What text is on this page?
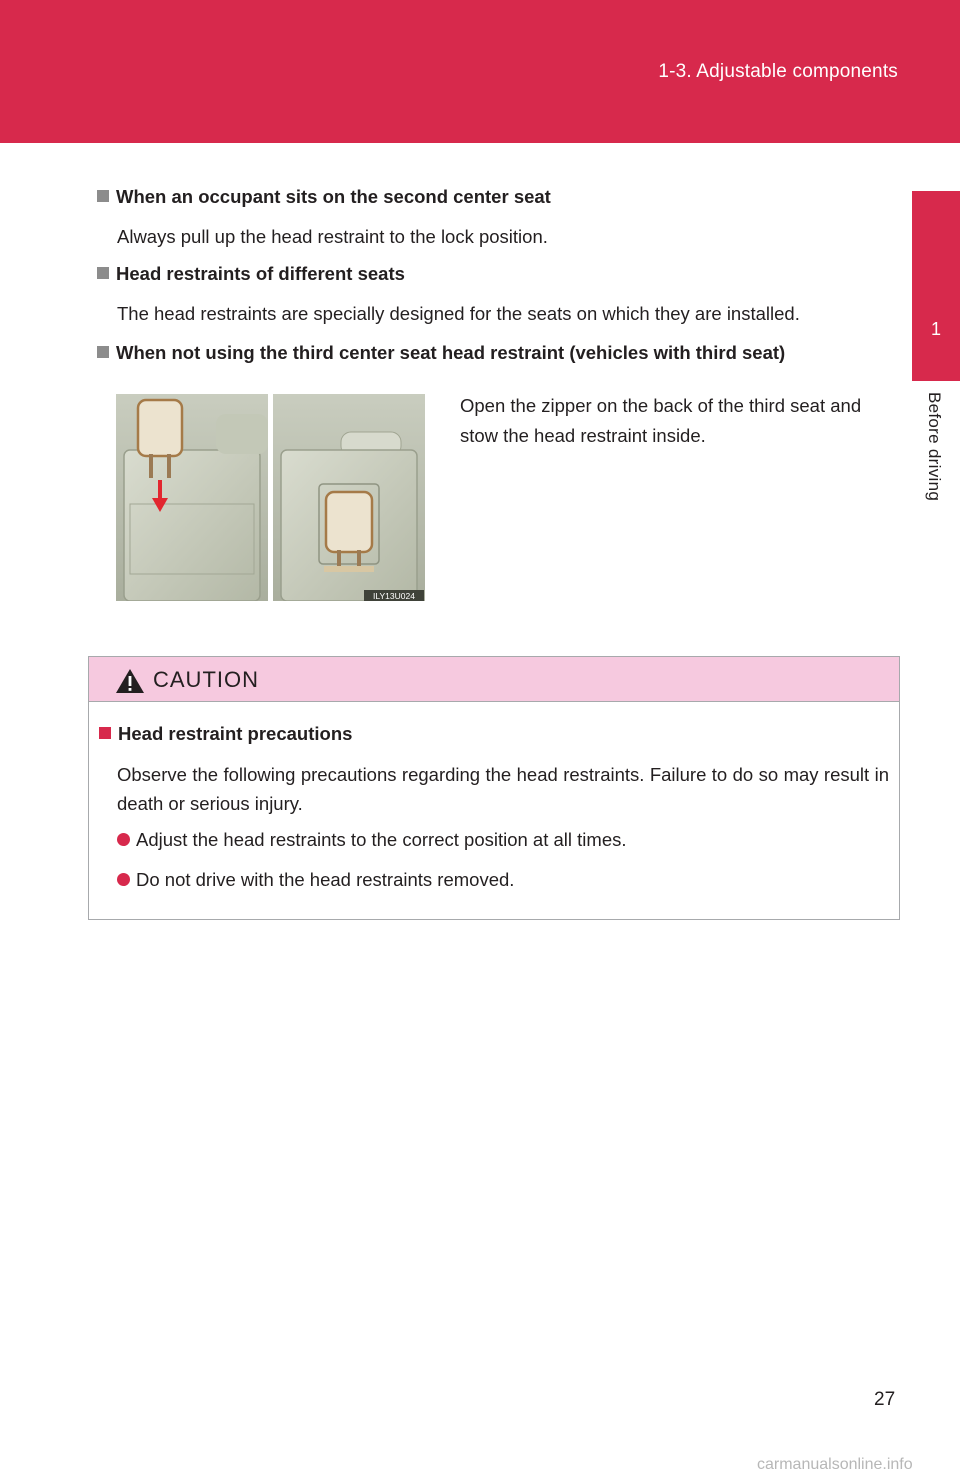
1-3. Adjustable components
1
Before driving
When an occupant sits on the second center seat
Always pull up the head restraint to the lock position.
Head restraints of different seats
The head restraints are specially designed for the seats on which they are installed.
When not using the third center seat head restraint (vehicles with third seat)
ILY13U024
Open the zipper on the back of the third seat and stow the head restraint inside.
CAUTION
Head restraint precautions
Observe the following precautions regarding the head restraints. Failure to do so may result in death or serious injury.
Adjust the head restraints to the correct position at all times.
Do not drive with the head restraints removed.
27
carmanualsonline.info
